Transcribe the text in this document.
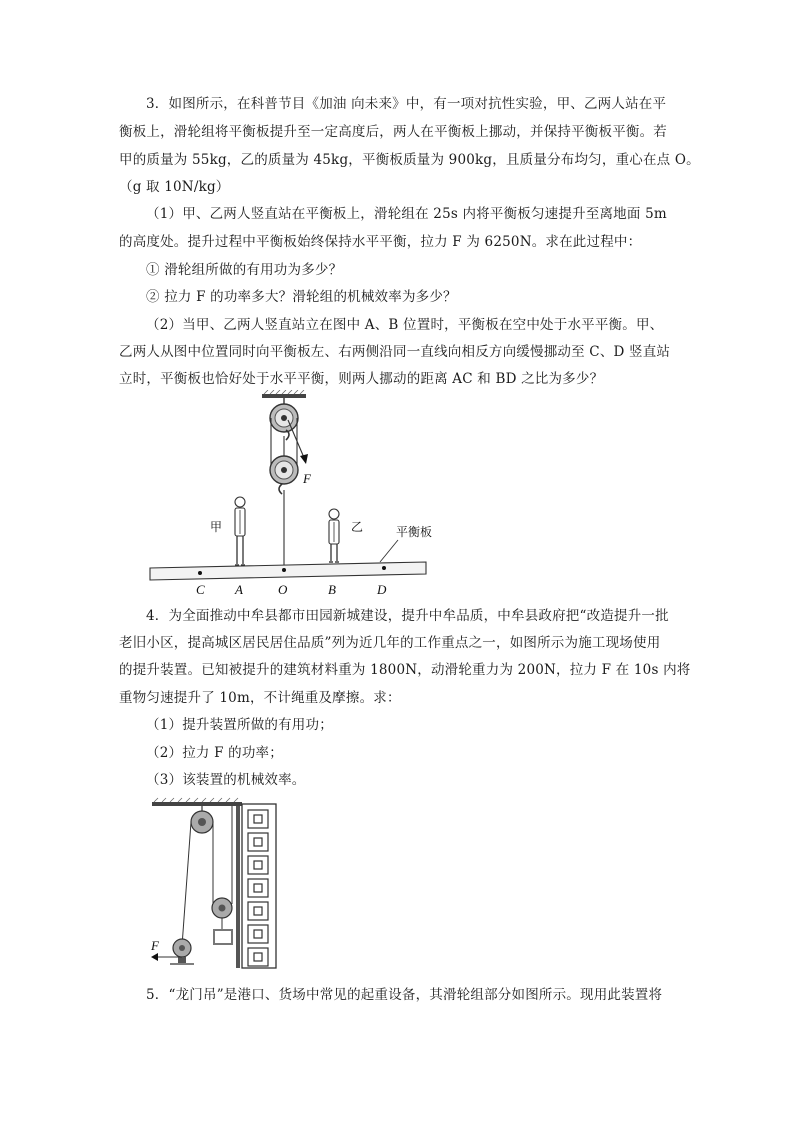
3．如图所示，在科普节目《加油 向未来》中，有一项对抗性实验，甲、乙两人站在平
衡板上，滑轮组将平衡板提升至一定高度后，两人在平衡板上挪动，并保持平衡板平衡。若
甲的质量为 55kg，乙的质量为 45kg，平衡板质量为 900kg，且质量分布均匀，重心在点 O。
（g 取 10N/kg）
（1）甲、乙两人竖直站在平衡板上，滑轮组在 25s 内将平衡板匀速提升至离地面 5m
的高度处。提升过程中平衡板始终保持水平平衡，拉力 F 为 6250N。求在此过程中：
① 滑轮组所做的有用功为多少？
② 拉力 F 的功率多大？滑轮组的机械效率为多少？
（2）当甲、乙两人竖直站立在图中 A、B 位置时，平衡板在空中处于水平平衡。甲、
乙两人从图中位置同时向平衡板左、右两侧沿同一直线向相反方向缓慢挪动至 C、D 竖直站
立时，平衡板也恰好处于水平平衡，则两人挪动的距离 AC 和 BD 之比为多少？
F
甲	乙	平衡板
C A	O	B	D
4．为全面推动中牟县都市田园新城建设，提升中牟品质，中牟县政府把“改造提升一批
老旧小区，提高城区居民居住品质”列为近几年的工作重点之一，如图所示为施工现场使用
的提升装置。已知被提升的建筑材料重为 1800N，动滑轮重力为 200N，拉力 F 在 10s 内将
重物匀速提升了 10m，不计绳重及摩擦。求：
（1）提升装置所做的有用功；
（2）拉力 F 的功率；
（3）该装置的机械效率。
F
5．“龙门吊”是港口、货场中常见的起重设备，其滑轮组部分如图所示。现用此装置将
